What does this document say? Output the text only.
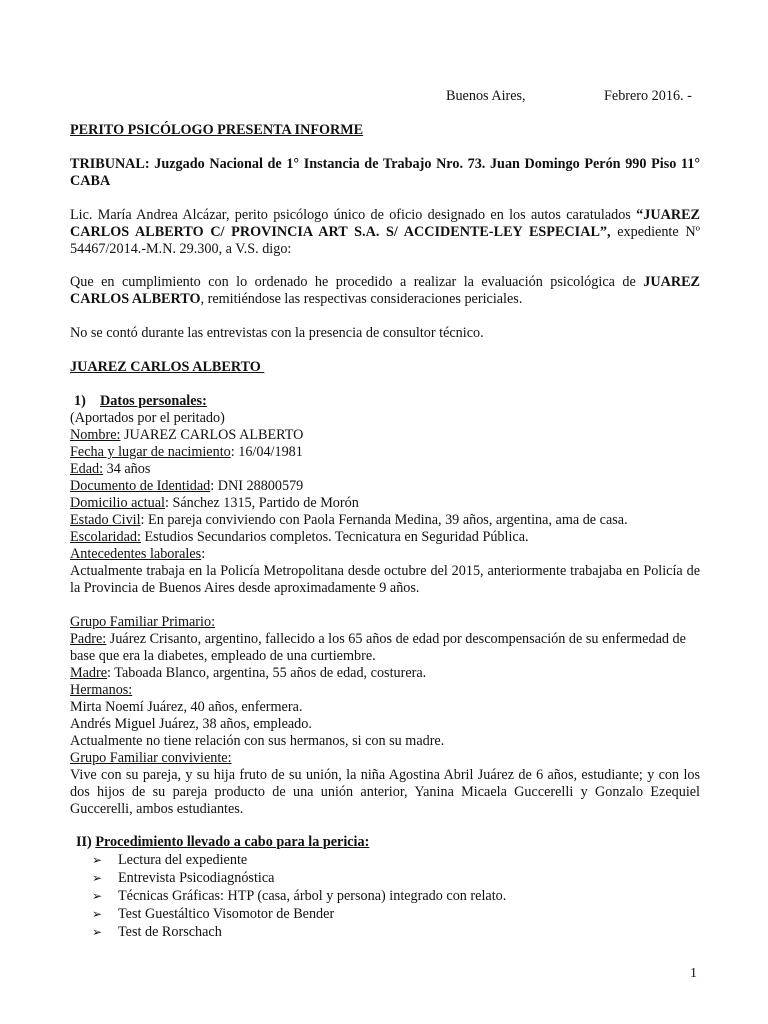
Buenos Aires,	Febrero 2016. -

PERITO PSICÓLOGO PRESENTA INFORME

TRIBUNAL: Juzgado Nacional de 1° Instancia de Trabajo Nro. 73. Juan Domingo Perón 990 Piso 11° CABA

Lic. María Andrea Alcázar, perito psicólogo único de oficio designado en los autos caratulados “JUAREZ CARLOS ALBERTO C/ PROVINCIA ART S.A. S/ ACCIDENTE-LEY ESPECIAL”, expediente Nº 54467/2014.-M.N. 29.300, a V.S. digo:

Que en cumplimiento con lo ordenado he procedido a realizar la evaluación psicológica de JUAREZ CARLOS ALBERTO, remitiéndose las respectivas consideraciones periciales.

No se contó durante las entrevistas con la presencia de consultor técnico.

JUAREZ CARLOS ALBERTO

1) Datos personales:

(Aportados por el peritado)

Nombre: JUAREZ CARLOS ALBERTO

Fecha y lugar de nacimiento: 16/04/1981

Edad: 34 años

Documento de Identidad: DNI 28800579

Domicilio actual: Sánchez 1315, Partido de Morón

Estado Civil: En pareja conviviendo con Paola Fernanda Medina, 39 años, argentina, ama de casa.

Escolaridad: Estudios Secundarios completos. Tecnicatura en Seguridad Pública.

Antecedentes laborales:

Actualmente trabaja en la Policía Metropolitana desde octubre del 2015, anteriormente trabajaba en Policía de la Provincia de Buenos Aires desde aproximadamente 9 años.

Grupo Familiar Primario:

Padre: Juárez Crisanto, argentino, fallecido a los 65 años de edad por descompensación de su enfermedad de base que era la diabetes, empleado de una curtiembre.

Madre: Taboada Blanco, argentina, 55 años de edad, costurera.

Hermanos:

Mirta Noemí Juárez, 40 años, enfermera.

Andrés Miguel Juárez, 38 años, empleado.

Actualmente no tiene relación con sus hermanos, si con su madre.

Grupo Familiar conviviente:

Vive con su pareja, y su hija fruto de su unión, la niña Agostina Abril Juárez de 6 años, estudiante; y con los dos hijos de su pareja producto de una unión anterior, Yanina Micaela Guccerelli y Gonzalo Ezequiel Guccerelli, ambos estudiantes.

II) Procedimiento llevado a cabo para la pericia:

➢ Lectura del expediente
➢ Entrevista Psicodiagnóstica
➢ Técnicas Gráficas: HTP (casa, árbol y persona) integrado con relato.
➢ Test Guestáltico Visomotor de Bender
➢ Test de Rorschach
1
